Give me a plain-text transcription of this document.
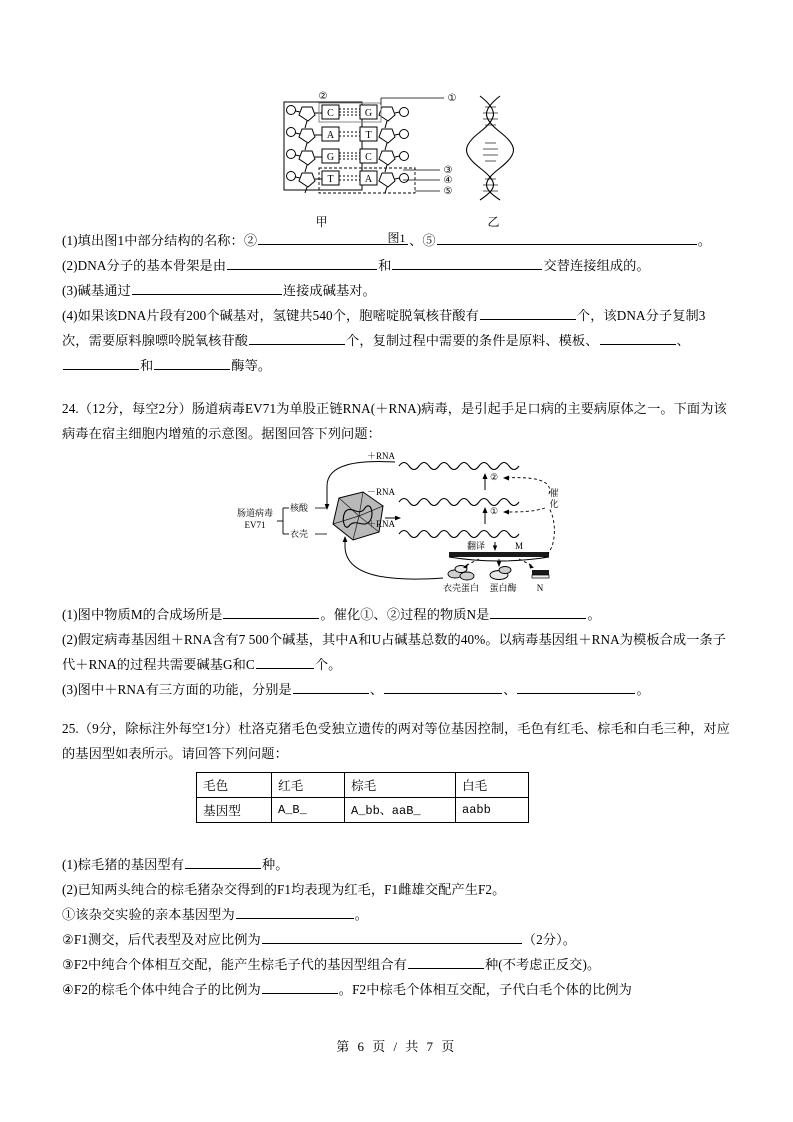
C	G
A	T
G	C
T	A
②	①
③
④
⑤
甲	乙
图1
(1)填出图1中部分结构的名称：②	、⑤	。
(2)DNA分子的基本骨架是由	和	交替连接组成的。
(3)碱基通过	连接成碱基对。
(4)如果该DNA片段有200个碱基对，氢键共540个，胞嘧啶脱氧核苷酸有	个，该DNA分子复制3次，需要原料腺嘌呤脱氧核苷酸	个，复制过程中需要的条件是原料、模板、	、和	酶等。
24.（12分，每空2分）肠道病毒EV71为单股正链RNA(＋RNA)病毒，是引起手足口病的主要病原体之一。下面为该病毒在宿主细胞内增殖的示意图。据图回答下列问题：
肠道病毒
EV71
核酸
衣壳
＋RNA
－RNA
＋RNA
②
①
催
化
翻译	M
衣壳蛋白 蛋白酶 N
(1)图中物质M的合成场所是	。催化①、②过程的物质N是	。
(2)假定病毒基因组＋RNA含有7 500个碱基，其中A和U占碱基总数的40%。以病毒基因组＋RNA为模板合成一条子代＋RNA的过程共需要碱基G和C	个。
(3)图中＋RNA有三方面的功能，分别是	、	、	。
25.（9分，除标注外每空1分）杜洛克猪毛色受独立遗传的两对等位基因控制，毛色有红毛、棕毛和白毛三种，对应的基因型如表所示。请回答下列问题：
毛色	红毛	棕毛	白毛
基因型	A_B_	A_bb、aaB_	aabb
(1)棕毛猪的基因型有	种。
(2)已知两头纯合的棕毛猪杂交得到的F1均表现为红毛，F1雌雄交配产生F2。
①该杂交实验的亲本基因型为	。
②F1测交，后代表型及对应比例为	（2分）。
③F2中纯合个体相互交配，能产生棕毛子代的基因型组合有	种(不考虑正反交)。
④F2的棕毛个体中纯合子的比例为	。F2中棕毛个体相互交配，子代白毛个体的比例为
第 6 页 / 共 7 页
